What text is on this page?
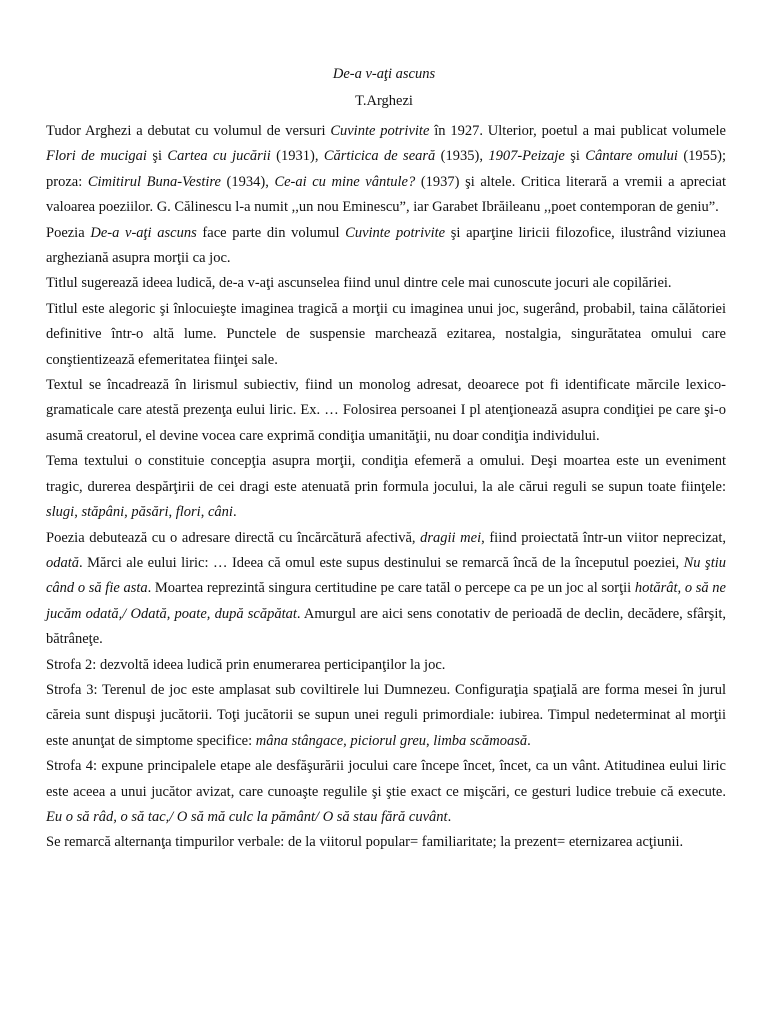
De-a v-aţi ascuns
T.Arghezi

Tudor Arghezi a debutat cu volumul de versuri Cuvinte potrivite în 1927. Ulterior, poetul a mai publicat volumele Flori de mucigai şi Cartea cu jucării (1931), Cărticica de seară (1935), 1907-Peizaje şi Cântare omului (1955); proza: Cimitirul Buna-Vestire (1934), Ce-ai cu mine vântule? (1937) şi altele. Critica literară a vremii a apreciat valoarea poeziilor. G. Călinescu l-a numit ,,un nou Eminescu”, iar Garabet Ibrăileanu ,,poet contemporan de geniu”.

Poezia De-a v-aţi ascuns face parte din volumul Cuvinte potrivite şi aparţine liricii filozofice, ilustrând viziunea argheziană asupra morţii ca joc.

Titlul sugerează ideea ludică, de-a v-aţi ascunselea fiind unul dintre cele mai cunoscute jocuri ale copilăriei.

Titlul este alegoric şi înlocuieşte imaginea tragică a morţii cu imaginea unui joc, sugerând, probabil, taina călătoriei definitive într-o altă lume. Punctele de suspensie marchează ezitarea, nostalgia, singurătatea omului care conştientizează efemeritatea fiinţei sale.

Textul se încadrează în lirismul subiectiv, fiind un monolog adresat, deoarece pot fi identificate mărcile lexico-gramaticale care atestă prezenţa eului liric. Ex. … Folosirea persoanei I pl atenţionează asupra condiţiei pe care şi-o asumă creatorul, el devine vocea care exprimă condiţia umanităţii, nu doar condiţia individului.

Tema textului o constituie concepţia asupra morţii, condiţia efemeră a omului. Deşi moartea este un eveniment tragic, durerea despărţirii de cei dragi este atenuată prin formula jocului, la ale cărui reguli se supun toate fiinţele: slugi, stăpâni, păsări, flori, câni.

Poezia debutează cu o adresare directă cu încărcătură afectivă, dragii mei, fiind proiectată într-un viitor neprecizat, odată. Mărci ale eului liric: … Ideea că omul este supus destinului se remarcă încă de la începutul poeziei, Nu ştiu când o să fie asta. Moartea reprezintă singura certitudine pe care tatăl o percepe ca pe un joc al sorţii hotărât, o să ne jucăm odată,/ Odată, poate, după scăpătat. Amurgul are aici sens conotativ de perioadă de declin, decădere, sfârşit, bătrâneţe.

Strofa 2: dezvoltă ideea ludică prin enumerarea perticipanţilor la joc.

Strofa 3: Terenul de joc este amplasat sub coviltirele lui Dumnezeu. Configuraţia spaţială are forma mesei în jurul căreia sunt dispuşi jucătorii. Toţi jucătorii se supun unei reguli primordiale: iubirea. Timpul nedeterminat al morţii este anunţat de simptome specifice: mâna stângace, piciorul greu, limba scămoasă.

Strofa 4: expune principalele etape ale desfăşurării jocului care începe încet, încet, ca un vânt. Atitudinea eului liric este aceea a unui jucător avizat, care cunoaşte regulile şi ştie exact ce mişcări, ce gesturi ludice trebuie că execute. Eu o să râd, o să tac,/ O să mă culc la pământ/ O să stau fără cuvânt.

Se remarcă alternanţa timpurilor verbale: de la viitorul popular= familiaritate; la prezent= eternizarea acţiunii.
